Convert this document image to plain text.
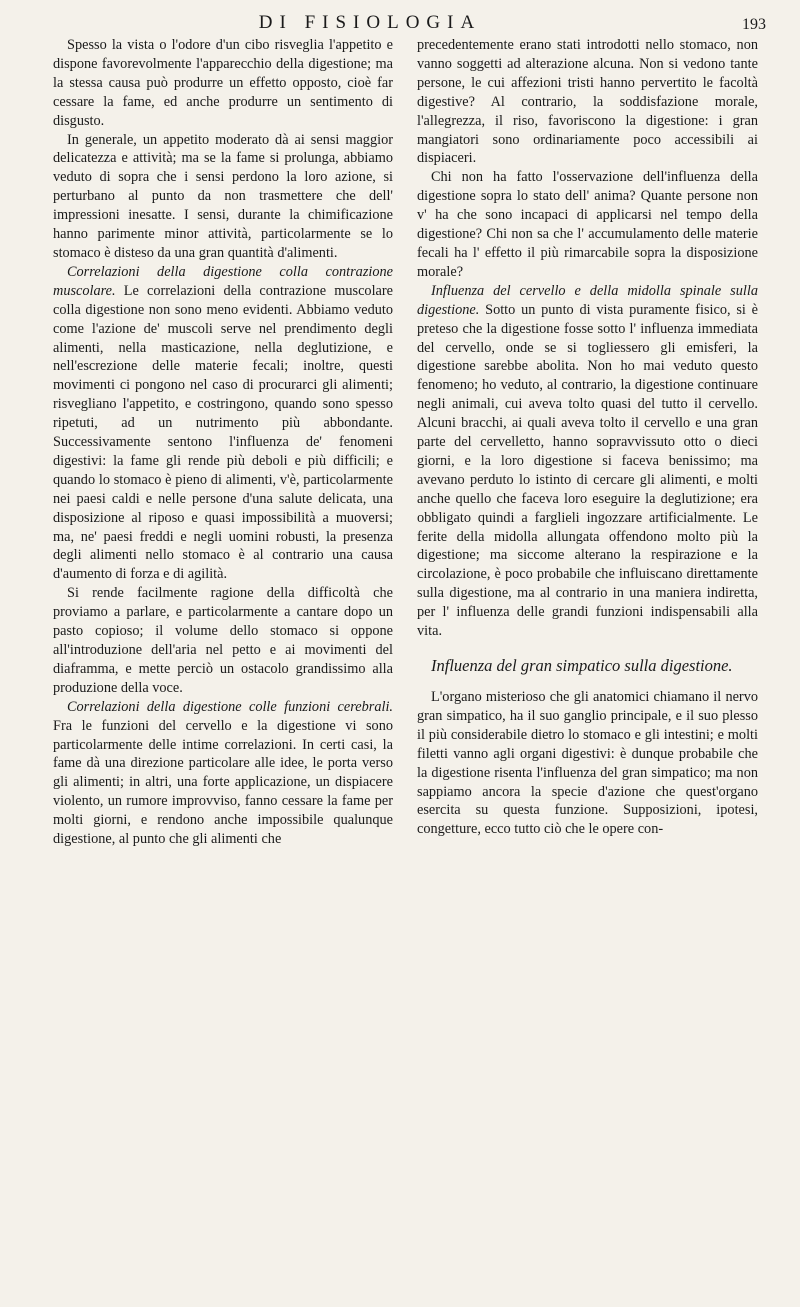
DI FISIOLOGIA	193

Spesso la vista o l'odore d'un cibo risveglia l'appetito e dispone favorevolmente l'apparecchio della digestione; ma la stessa causa può produrre un effetto opposto, cioè far cessare la fame, ed anche produrre un sentimento di disgusto.

In generale, un appetito moderato dà ai sensi maggior delicatezza e attività; ma se la fame si prolunga, abbiamo veduto di sopra che i sensi perdono la loro azione, si perturbano al punto da non trasmettere che dell' impressioni inesatte. I sensi, durante la chimificazione hanno parimente minor attività, particolarmente se lo stomaco è disteso da una gran quantità d'alimenti.

Correlazioni della digestione colla contrazione muscolare. Le correlazioni della contrazione muscolare colla digestione non sono meno evidenti. Abbiamo veduto come l'azione de' muscoli serve nel prendimento degli alimenti, nella masticazione, nella deglutizione, e nell'escrezione delle materie fecali; inoltre, questi movimenti ci pongono nel caso di procurarci gli alimenti; risvegliano l'appetito, e costringono, quando sono spesso ripetuti, ad un nutrimento più abbondante. Successivamente sentono l'influenza de' fenomeni digestivi: la fame gli rende più deboli e più difficili; e quando lo stomaco è pieno di alimenti, v'è, particolarmente nei paesi caldi e nelle persone d'una salute delicata, una disposizione al riposo e quasi impossibilità a muoversi; ma, ne' paesi freddi e negli uomini robusti, la presenza degli alimenti nello stomaco è al contrario una causa d'aumento di forza e di agilità.

Si rende facilmente ragione della difficoltà che proviamo a parlare, e particolarmente a cantare dopo un pasto copioso; il volume dello stomaco si oppone all'introduzione dell'aria nel petto e ai movimenti del diaframma, e mette perciò un ostacolo grandissimo alla produzione della voce.

Correlazioni della digestione colle funzioni cerebrali. Fra le funzioni del cervello e la digestione vi sono particolarmente delle intime correlazioni. In certi casi, la fame dà una direzione particolare alle idee, le porta verso gli alimenti; in altri, una forte applicazione, un dispiacere violento, un rumore improvviso, fanno cessare la fame per molti giorni, e rendono anche impossibile qualunque digestione, al punto che gli alimenti che

precedentemente erano stati introdotti nello stomaco, non vanno soggetti ad alterazione alcuna. Non si vedono tante persone, le cui affezioni tristi hanno pervertito le facoltà digestive? Al contrario, la soddisfazione morale, l'allegrezza, il riso, favoriscono la digestione: i gran mangiatori sono ordinariamente poco accessibili ai dispiaceri.

Chi non ha fatto l'osservazione dell'influenza della digestione sopra lo stato dell' anima? Quante persone non v' ha che sono incapaci di applicarsi nel tempo della digestione? Chi non sa che l' accumulamento delle materie fecali ha l' effetto il più rimarcabile sopra la disposizione morale?

Influenza del cervello e della midolla spinale sulla digestione. Sotto un punto di vista puramente fisico, si è preteso che la digestione fosse sotto l' influenza immediata del cervello, onde se si togliessero gli emisferi, la digestione sarebbe abolita. Non ho mai veduto questo fenomeno; ho veduto, al contrario, la digestione continuare negli animali, cui aveva tolto quasi del tutto il cervello. Alcuni bracchi, ai quali aveva tolto il cervello e una gran parte del cervelletto, hanno sopravvissuto otto o dieci giorni, e la loro digestione si faceva benissimo; ma avevano perduto lo istinto di cercare gli alimenti, e molti anche quello che faceva loro eseguire la deglutizione; era obbligato quindi a farglieli ingozzare artificialmente. Le ferite della midolla allungata offendono molto più la digestione; ma siccome alterano la respirazione e la circolazione, è poco probabile che influiscano direttamente sulla digestione, ma al contrario in una maniera indiretta, per l' influenza delle grandi funzioni indispensabili alla vita.

Influenza del gran simpatico sulla digestione.

L'organo misterioso che gli anatomici chiamano il nervo gran simpatico, ha il suo ganglio principale, e il suo plesso il più considerabile dietro lo stomaco e gli intestini; e molti filetti vanno agli organi digestivi: è dunque probabile che la digestione risenta l'influenza del gran simpatico; ma non sappiamo ancora la specie d'azione che quest'organo esercita su questa funzione. Supposizioni, ipotesi, congetture, ecco tutto ciò che le opere con-
